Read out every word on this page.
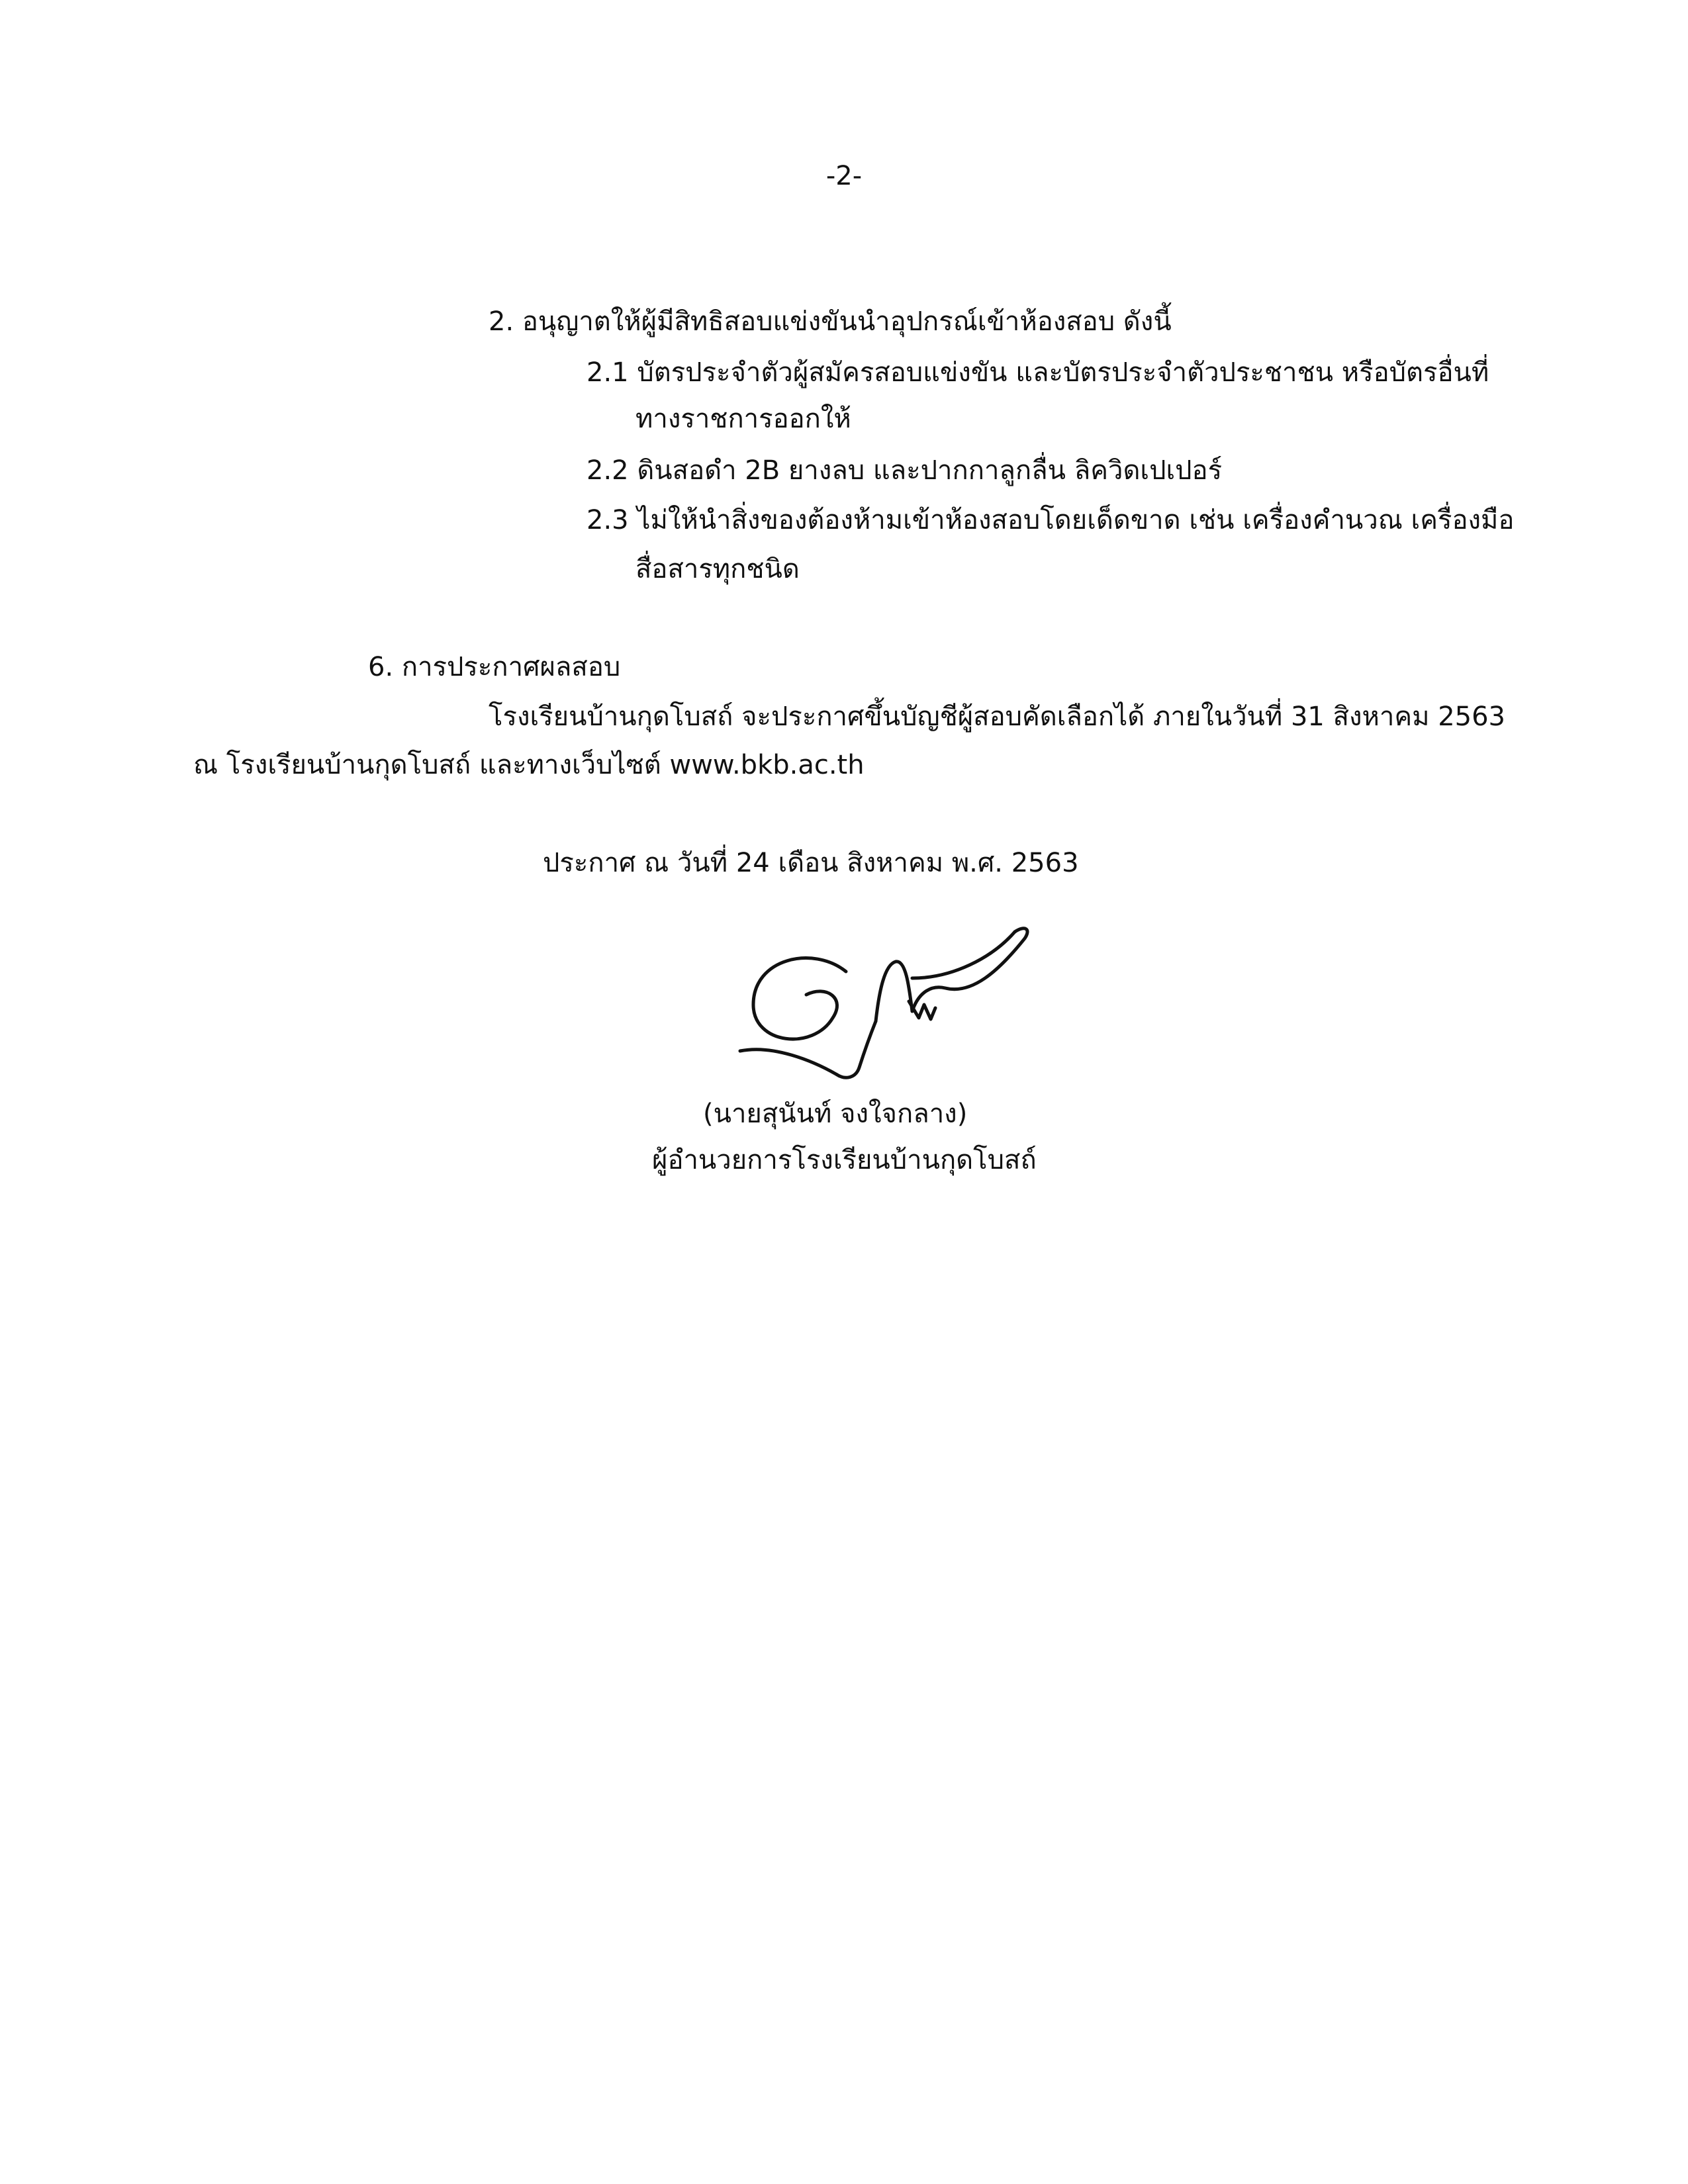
-2-
2. อนุญาตให้ผู้มีสิทธิสอบแข่งขันนำอุปกรณ์เข้าห้องสอบ ดังนี้
2.1 บัตรประจำตัวผู้สมัครสอบแข่งขัน และบัตรประจำตัวประชาชน หรือบัตรอื่นที่
ทางราชการออกให้
2.2 ดินสอดำ 2B ยางลบ และปากกาลูกลื่น ลิควิดเปเปอร์
2.3 ไม่ให้นำสิ่งของต้องห้ามเข้าห้องสอบโดยเด็ดขาด เช่น เครื่องคำนวณ เครื่องมือ
สื่อสารทุกชนิด
6. การประกาศผลสอบ
โรงเรียนบ้านกุดโบสถ์ จะประกาศขึ้นบัญชีผู้สอบคัดเลือกได้ ภายในวันที่ 31 สิงหาคม 2563
ณ โรงเรียนบ้านกุดโบสถ์ และทางเว็บไซต์ www.bkb.ac.th
ประกาศ ณ วันที่ 24 เดือน สิงหาคม พ.ศ. 2563
(นายสุนันท์ จงใจกลาง)
ผู้อำนวยการโรงเรียนบ้านกุดโบสถ์
